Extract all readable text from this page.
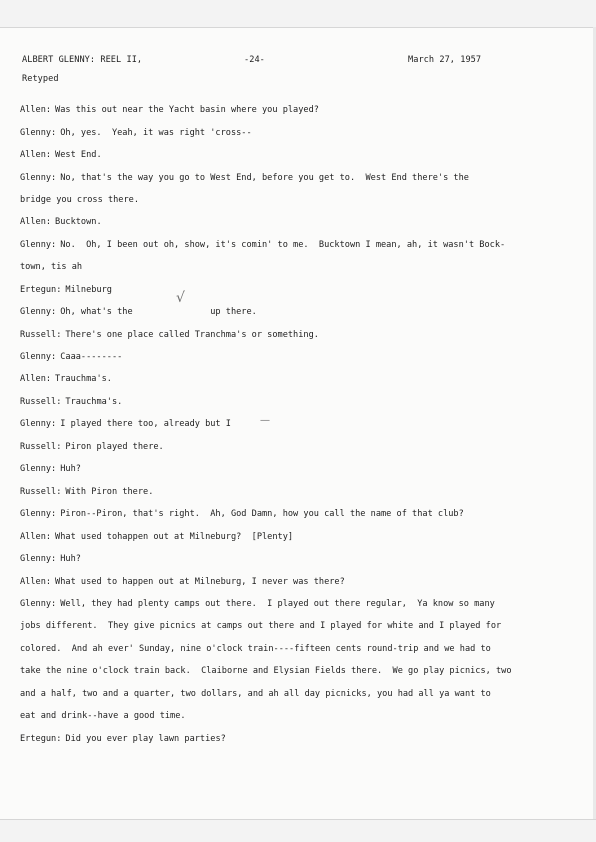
ALBERT GLENNY: REEL II,	-24-	March 27, 1957
Retyped
Allen: Was this out near the Yacht basin where you played?
Glenny: Oh, yes.  Yeah, it was right 'cross--
Allen: West End.
Glenny: No, that's the way you go to West End, before you get to.  West End there's the
bridge you cross there.
Allen: Bucktown.
Glenny: No.  Oh, I been out oh, show, it's comin' to me.  Bucktown I mean, ah, it wasn't Bock-
town, tis ah
Ertegun: Milneburg
Glenny: Oh, what's the               up there.
Russell: There's one place called Tranchma's or something.
Glenny: Caaa--------
Allen: Trauchma's.
Russell: Trauchma's.
Glenny: I played there too, already but I
Russell: Piron played there.
Glenny: Huh?
Russell: With Piron there.
Glenny: Piron--Piron, that's right.  Ah, God Damn, how you call the name of that club?
Allen: What used tohappen out at Milneburg?  [Plenty]
Glenny: Huh?
Allen: What used to happen out at Milneburg, I never was there?
Glenny: Well, they had plenty camps out there.  I played out there regular,  Ya know so many
jobs different.  They give picnics at camps out there and I played for white and I played for
colored.  And ah ever' Sunday, nine o'clock train----fifteen cents round-trip and we had to
take the nine o'clock train back.  Claiborne and Elysian Fields there.  We go play picnics, two
and a half, two and a quarter, two dollars, and ah all day picnicks, you had all ya want to
eat and drink--have a good time.
Ertegun: Did you ever play lawn parties?
√
—
